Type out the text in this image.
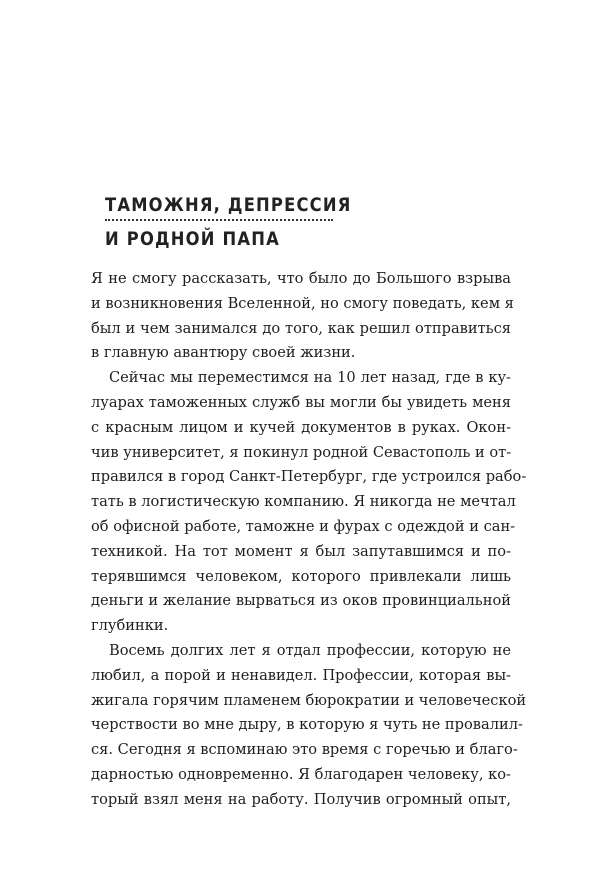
ТАМОЖНЯ, ДЕПРЕССИЯ
И РОДНОЙ ПАПА
Я не смогу рассказать, что было до Большого взрыва
и возникновения Вселенной, но смогу поведать, кем я
был и чем занимался до того, как решил отправиться
в главную авантюру своей жизни.
Сейчас мы переместимся на 10 лет назад, где в ку-
луарах таможенных служб вы могли бы увидеть меня
с красным лицом и кучей документов в руках. Окон-
чив университет, я покинул родной Севастополь и от-
правился в город Санкт-Петербург, где устроился рабо-
тать в логистическую компанию. Я никогда не мечтал
об офисной работе, таможне и фурах с одеждой и сан-
техникой. На тот момент я был запутавшимся и по-
терявшимся человеком, которого привлекали лишь
деньги и желание вырваться из оков провинциальной
глубинки.
Восемь долгих лет я отдал профессии, которую не
любил, а порой и ненавидел. Профессии, которая вы-
жигала горячим пламенем бюрократии и человеческой
черствости во мне дыру, в которую я чуть не провалил-
ся. Сегодня я вспоминаю это время с горечью и благо-
дарностью одновременно. Я благодарен человеку, ко-
торый взял меня на работу. Получив огромный опыт,
